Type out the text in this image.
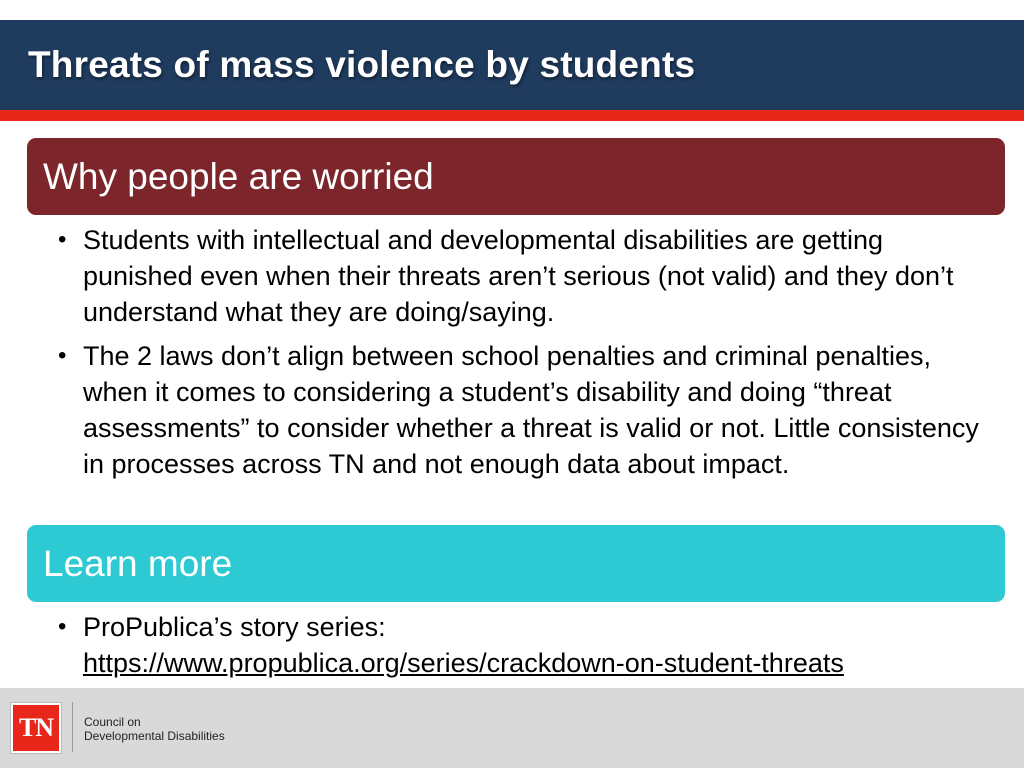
Threats of mass violence by students
Why people are worried
• Students with intellectual and developmental disabilities are getting punished even when their threats aren’t serious (not valid) and they don’t understand what they are doing/saying.
• The 2 laws don’t align between school penalties and criminal penalties, when it comes to considering a student’s disability and doing “threat assessments” to consider whether a threat is valid or not. Little consistency in processes across TN and not enough data about impact.
Learn more
• ProPublica’s story series:
https://www.propublica.org/series/crackdown-on-student-threats
TN	Council on
Developmental Disabilities
